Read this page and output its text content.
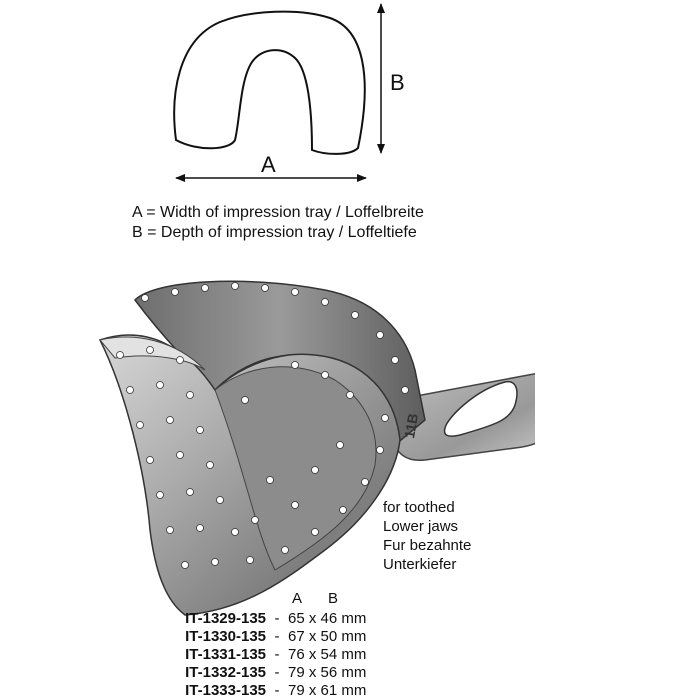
A
B
A = Width of impression tray / Loffelbreite
B = Depth of impression tray / Loffeltiefe
11B
for toothed
Lower jaws
Fur bezahnte
Unterkiefer
A B
IT-1329-135 - 65 x 46 mm
IT-1330-135 - 67 x 50 mm
IT-1331-135 - 76 x 54 mm
IT-1332-135 - 79 x 56 mm
IT-1333-135 - 79 x 61 mm
